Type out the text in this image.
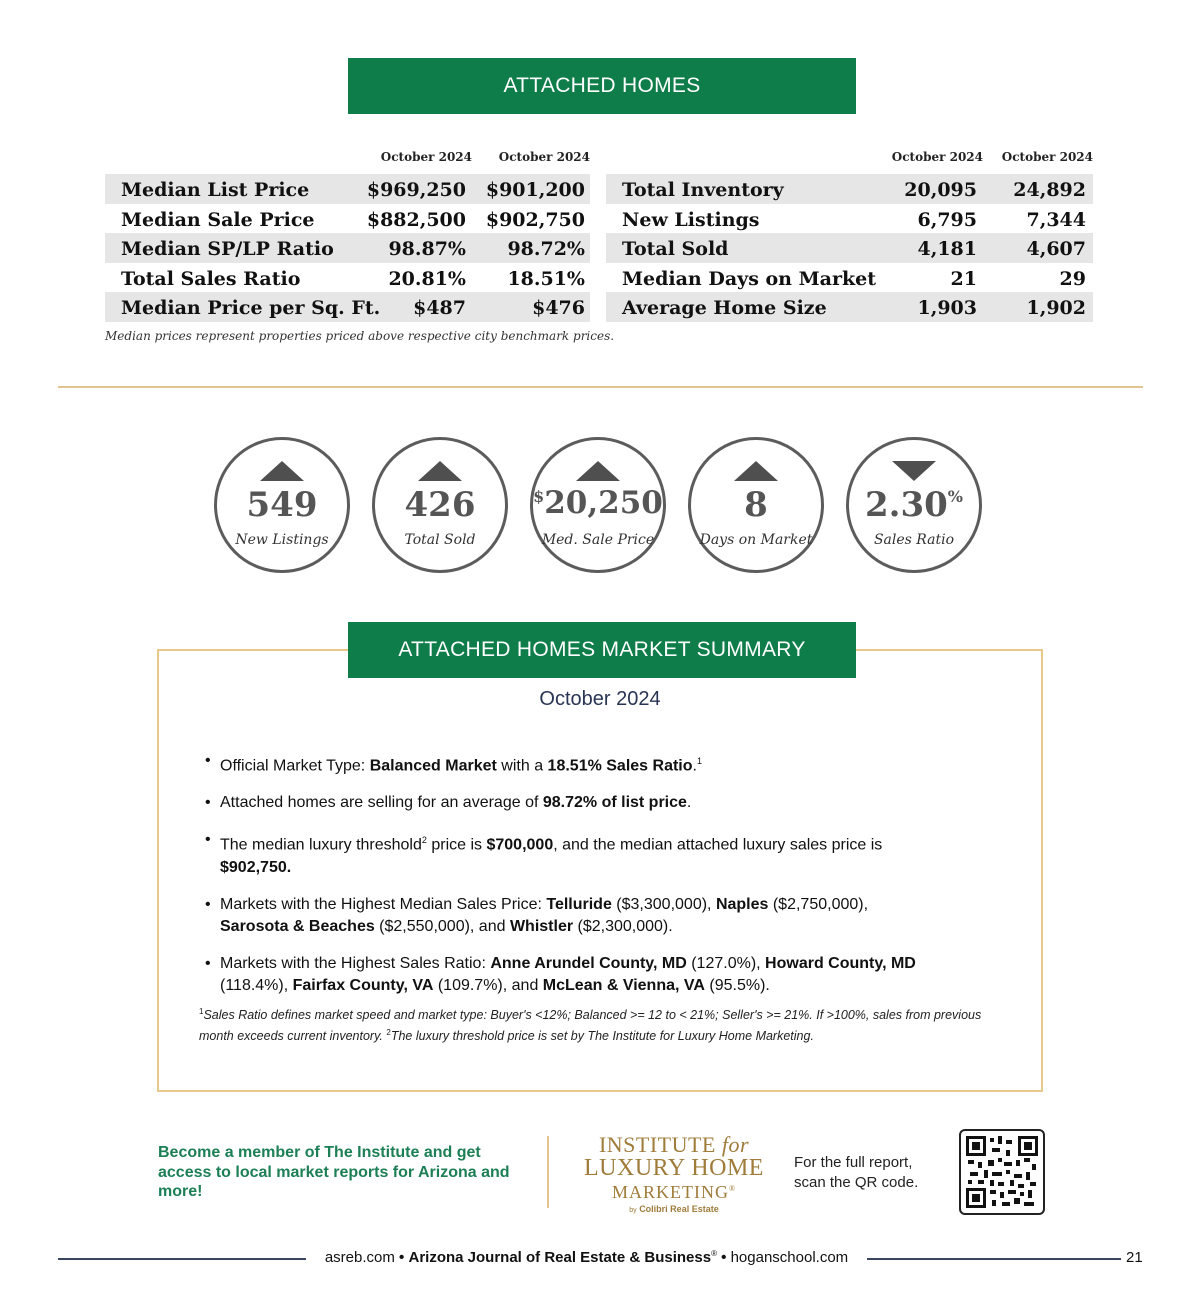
ATTACHED HOMES
October 2024 October 2024
Median List Price	$969,250 $901,200
Median Sale Price	$882,500 $902,750
Median SP/LP Ratio	98.87% 98.72%
Total Sales Ratio	20.81% 18.51%
Median Price per Sq. Ft. $487	$476
October 2024 October 2024
Total Inventory	20,095 24,892
New Listings	6,795	7,344
Total Sold	4,181	4,607
Median Days on Market	21	29
Average Home Size	1,903	1,902
Median prices represent properties priced above respective city benchmark prices.
549
New Listings
426
Total Sold
$20,250
Med. Sale Price
8
Days on Market
2.30%
Sales Ratio
ATTACHED HOMES MARKET SUMMARY
October 2024
• Official Market Type: Balanced Market with a 18.51% Sales Ratio.$^1$
• Attached homes are selling for an average of 98.72% of list price.
• The median luxury threshold$^2$ price is $700,000, and the median attached luxury sales price is $902,750.
• Markets with the Highest Median Sales Price: Telluride ($3,300,000), Naples ($2,750,000), Sarosota & Beaches ($2,550,000), and Whistler ($2,300,000).
• Markets with the Highest Sales Ratio: Anne Arundel County, MD (127.0%), Howard County, MD (118.4%), Fairfax County, VA (109.7%), and McLean & Vienna, VA (95.5%).
$^1$Sales Ratio defines market speed and market type: Buyer's <12%; Balanced >= 12 to < 21%; Seller's >= 21%. If >100%, sales from previous month exceeds current inventory. $^2$The luxury threshold price is set by The Institute for Luxury Home Marketing.
Become a member of The Institute and get access to local market reports for Arizona and more!
INSTITUTE for
LUXURY HOME
MARKETING®
by Colibri Real Estate
For the full report, scan the QR code.
asreb.com • Arizona Journal of Real Estate & Business® • hoganschool.com	21
